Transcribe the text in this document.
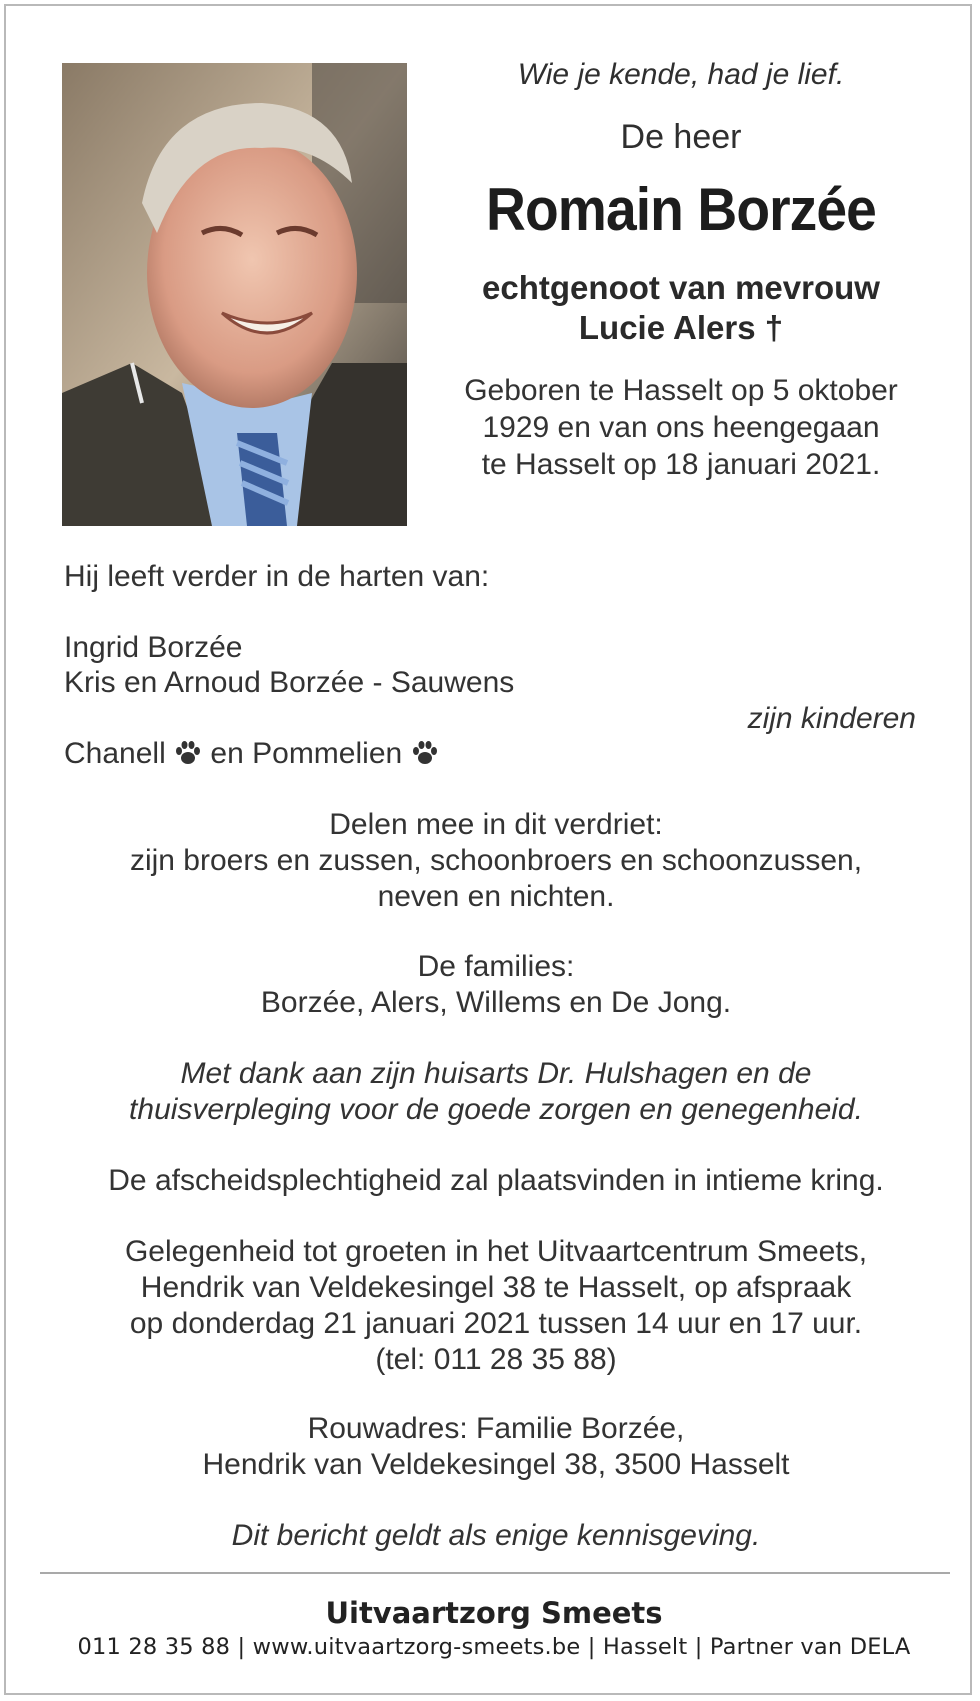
Wie je kende, had je lief.
De heer
Romain Borzée
echtgenoot van mevrouw
Lucie Alers †
Geboren te Hasselt op 5 oktober
1929 en van ons heengegaan
te Hasselt op 18 januari 2021.
Hij leeft verder in de harten van:
Ingrid Borzée
Kris en Arnoud Borzée - Sauwens
zijn kinderen
Chanell en Pommelien
Delen mee in dit verdriet:
zijn broers en zussen, schoonbroers en schoonzussen,
neven en nichten.
De families:
Borzée, Alers, Willems en De Jong.
Met dank aan zijn huisarts Dr. Hulshagen en de
thuisverpleging voor de goede zorgen en genegenheid.
De afscheidsplechtigheid zal plaatsvinden in intieme kring.
Gelegenheid tot groeten in het Uitvaartcentrum Smeets,
Hendrik van Veldekesingel 38 te Hasselt, op afspraak
op donderdag 21 januari 2021 tussen 14 uur en 17 uur.
(tel: 011 28 35 88)
Rouwadres: Familie Borzée,
Hendrik van Veldekesingel 38, 3500 Hasselt
Dit bericht geldt als enige kennisgeving.
Uitvaartzorg Smeets
011 28 35 88 | www.uitvaartzorg-smeets.be | Hasselt | Partner van DELA
